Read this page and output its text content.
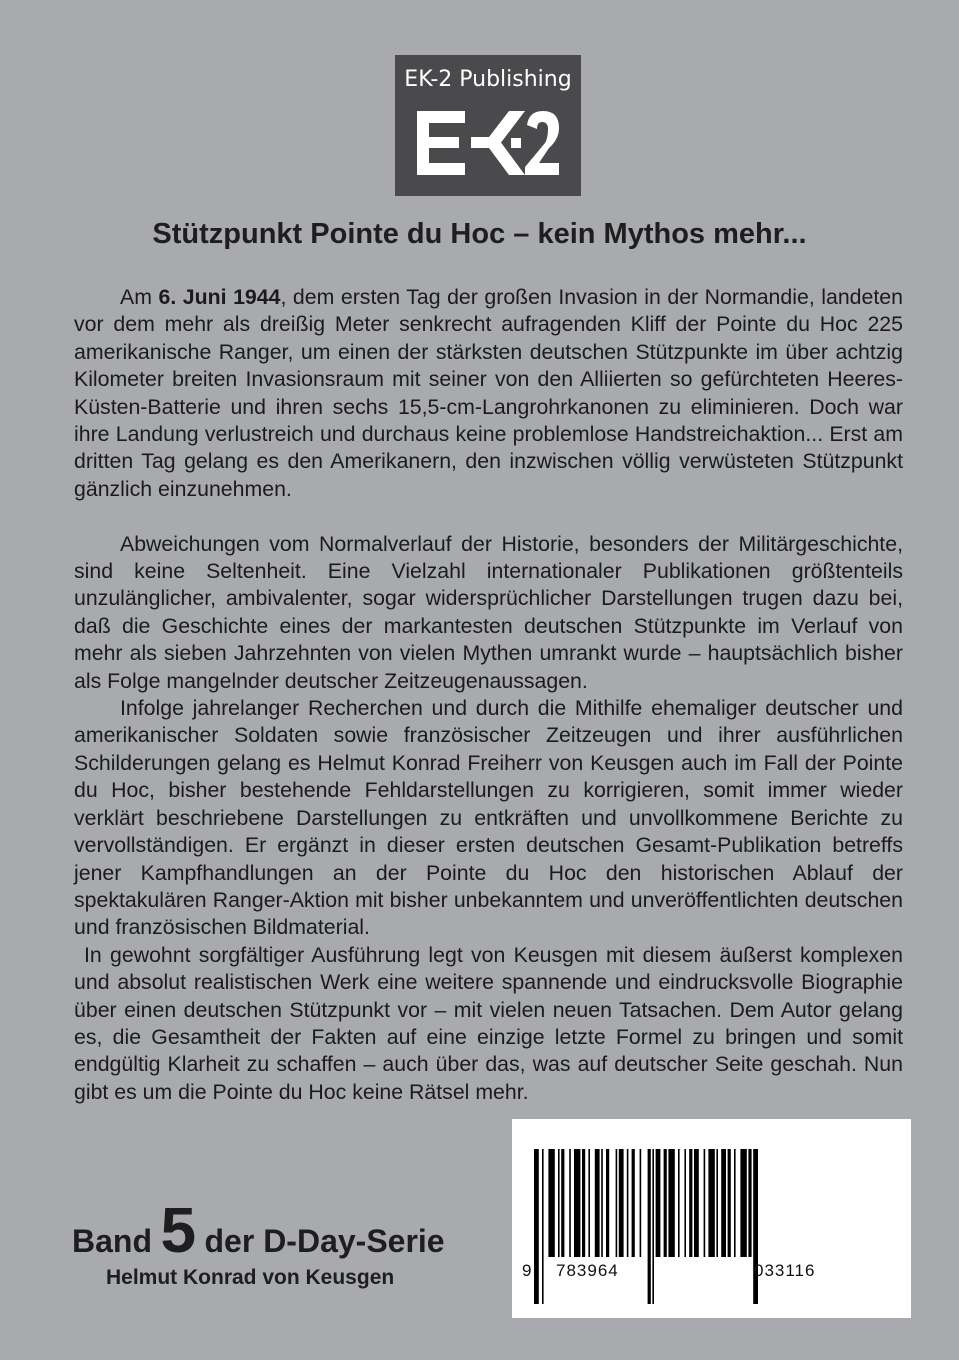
EK-2 Publishing
Stützpunkt Pointe du Hoc – kein Mythos mehr...

Am 6. Juni 1944, dem ersten Tag der großen Invasion in der Normandie, landeten vor dem mehr als dreißig Meter senkrecht aufragenden Kliff der Pointe du Hoc 225 amerikanische Ranger, um einen der stärksten deutschen Stützpunkte im über achtzig Kilometer breiten Invasionsraum mit seiner von den Alliierten so gefürchteten Heeres-Küsten-Batterie und ihren sechs 15,5-cm-Langrohrkanonen zu eliminieren. Doch war ihre Landung verlustreich und durchaus keine problemlose Handstreichaktion... Erst am dritten Tag gelang es den Amerikanern, den inzwischen völlig verwüsteten Stützpunkt gänzlich einzunehmen.

Abweichungen vom Normalverlauf der Historie, besonders der Militärgeschichte, sind keine Seltenheit. Eine Vielzahl internationaler Publikationen größtenteils unzulänglicher, ambivalenter, sogar widersprüchlicher Darstellungen trugen dazu bei, daß die Geschichte eines der markantesten deutschen Stützpunkte im Verlauf von mehr als sieben Jahrzehnten von vielen Mythen umrankt wurde – hauptsächlich bisher als Folge mangelnder deutscher Zeitzeugenaussagen.

Infolge jahrelanger Recherchen und durch die Mithilfe ehemaliger deutscher und amerikanischer Soldaten sowie französischer Zeitzeugen und ihrer ausführlichen Schilderungen gelang es Helmut Konrad Freiherr von Keusgen auch im Fall der Pointe du Hoc, bisher bestehende Fehldarstellungen zu korrigieren, somit immer wieder verklärt beschriebene Darstellungen zu entkräften und unvollkommene Berichte zu vervollständigen. Er ergänzt in dieser ersten deutschen Gesamt-Publikation betreffs jener Kampfhandlungen an der Pointe du Hoc den historischen Ablauf der spektakulären Ranger-Aktion mit bisher unbekanntem und unveröffentlichten deutschen und französischen Bildmaterial.

In gewohnt sorgfältiger Ausführung legt von Keusgen mit diesem äußerst komplexen und absolut realistischen Werk eine weitere spannende und eindrucksvolle Biographie über einen deutschen Stützpunkt vor – mit vielen neuen Tatsachen. Dem Autor gelang es, die Gesamtheit der Fakten auf eine einzige letzte Formel zu bringen und somit endgültig Klarheit zu schaffen – auch über das, was auf deutscher Seite geschah. Nun gibt es um die Pointe du Hoc keine Rätsel mehr.

9 783964	033116
Band 5 der D-Day-Serie
Helmut Konrad von Keusgen
